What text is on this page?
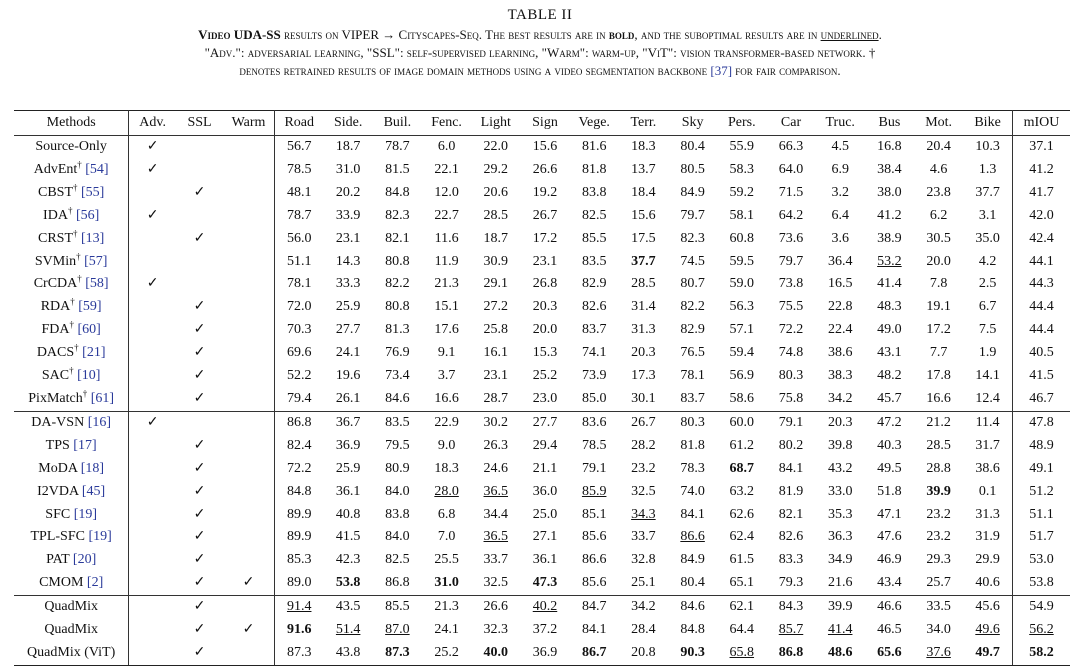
TABLE II
Video UDA-SS results on VIPER → Cityscapes-Seq. The best results are in bold, and the suboptimal results are in underlined.
"Adv.": adversarial learning, "SSL": self-supervised learning, "Warm": warm-up, "ViT": vision transformer-based network. †
denotes retrained results of image domain methods using a video segmentation backbone [37] for fair comparison.
Methods	Adv.	SSL	Warm	Road	Side.	Buil.	Fenc.	Light	Sign	Vege.	Terr.	Sky	Pers.	Car	Truc.	Bus	Mot.	Bike	mIOU
Source-Only	✓			56.7	18.7	78.7	6.0	22.0	15.6	81.6	18.3	80.4	55.9	66.3	4.5	16.8	20.4	10.3	37.1
AdvEnt† [54]	✓			78.5	31.0	81.5	22.1	29.2	26.6	81.8	13.7	80.5	58.3	64.0	6.9	38.4	4.6	1.3	41.2
CBST† [55]		✓		48.1	20.2	84.8	12.0	20.6	19.2	83.8	18.4	84.9	59.2	71.5	3.2	38.0	23.8	37.7	41.7
IDA† [56]	✓			78.7	33.9	82.3	22.7	28.5	26.7	82.5	15.6	79.7	58.1	64.2	6.4	41.2	6.2	3.1	42.0
CRST† [13]		✓		56.0	23.1	82.1	11.6	18.7	17.2	85.5	17.5	82.3	60.8	73.6	3.6	38.9	30.5	35.0	42.4
SVMin† [57]				51.1	14.3	80.8	11.9	30.9	23.1	83.5	37.7	74.5	59.5	79.7	36.4	53.2	20.0	4.2	44.1
CrCDA† [58]	✓			78.1	33.3	82.2	21.3	29.1	26.8	82.9	28.5	80.7	59.0	73.8	16.5	41.4	7.8	2.5	44.3
RDA† [59]		✓		72.0	25.9	80.8	15.1	27.2	20.3	82.6	31.4	82.2	56.3	75.5	22.8	48.3	19.1	6.7	44.4
FDA† [60]		✓		70.3	27.7	81.3	17.6	25.8	20.0	83.7	31.3	82.9	57.1	72.2	22.4	49.0	17.2	7.5	44.4
DACS† [21]		✓		69.6	24.1	76.9	9.1	16.1	15.3	74.1	20.3	76.5	59.4	74.8	38.6	43.1	7.7	1.9	40.5
SAC† [10]		✓		52.2	19.6	73.4	3.7	23.1	25.2	73.9	17.3	78.1	56.9	80.3	38.3	48.2	17.8	14.1	41.5
PixMatch† [61]		✓		79.4	26.1	84.6	16.6	28.7	23.0	85.0	30.1	83.7	58.6	75.8	34.2	45.7	16.6	12.4	46.7
DA-VSN [16]	✓			86.8	36.7	83.5	22.9	30.2	27.7	83.6	26.7	80.3	60.0	79.1	20.3	47.2	21.2	11.4	47.8
TPS [17]		✓		82.4	36.9	79.5	9.0	26.3	29.4	78.5	28.2	81.8	61.2	80.2	39.8	40.3	28.5	31.7	48.9
MoDA [18]		✓		72.2	25.9	80.9	18.3	24.6	21.1	79.1	23.2	78.3	68.7	84.1	43.2	49.5	28.8	38.6	49.1
I2VDA [45]		✓		84.8	36.1	84.0	28.0	36.5	36.0	85.9	32.5	74.0	63.2	81.9	33.0	51.8	39.9	0.1	51.2
SFC [19]		✓		89.9	40.8	83.8	6.8	34.4	25.0	85.1	34.3	84.1	62.6	82.1	35.3	47.1	23.2	31.3	51.1
TPL-SFC [19]		✓		89.9	41.5	84.0	7.0	36.5	27.1	85.6	33.7	86.6	62.4	82.6	36.3	47.6	23.2	31.9	51.7
PAT [20]		✓		85.3	42.3	82.5	25.5	33.7	36.1	86.6	32.8	84.9	61.5	83.3	34.9	46.9	29.3	29.9	53.0
CMOM [2]		✓	✓	89.0	53.8	86.8	31.0	32.5	47.3	85.6	25.1	80.4	65.1	79.3	21.6	43.4	25.7	40.6	53.8
QuadMix		✓		91.4	43.5	85.5	21.3	26.6	40.2	84.7	34.2	84.6	62.1	84.3	39.9	46.6	33.5	45.6	54.9
QuadMix		✓	✓	91.6	51.4	87.0	24.1	32.3	37.2	84.1	28.4	84.8	64.4	85.7	41.4	46.5	34.0	49.6	56.2
QuadMix (ViT)		✓		87.3	43.8	87.3	25.2	40.0	36.9	86.7	20.8	90.3	65.8	86.8	48.6	65.6	37.6	49.7	58.2
